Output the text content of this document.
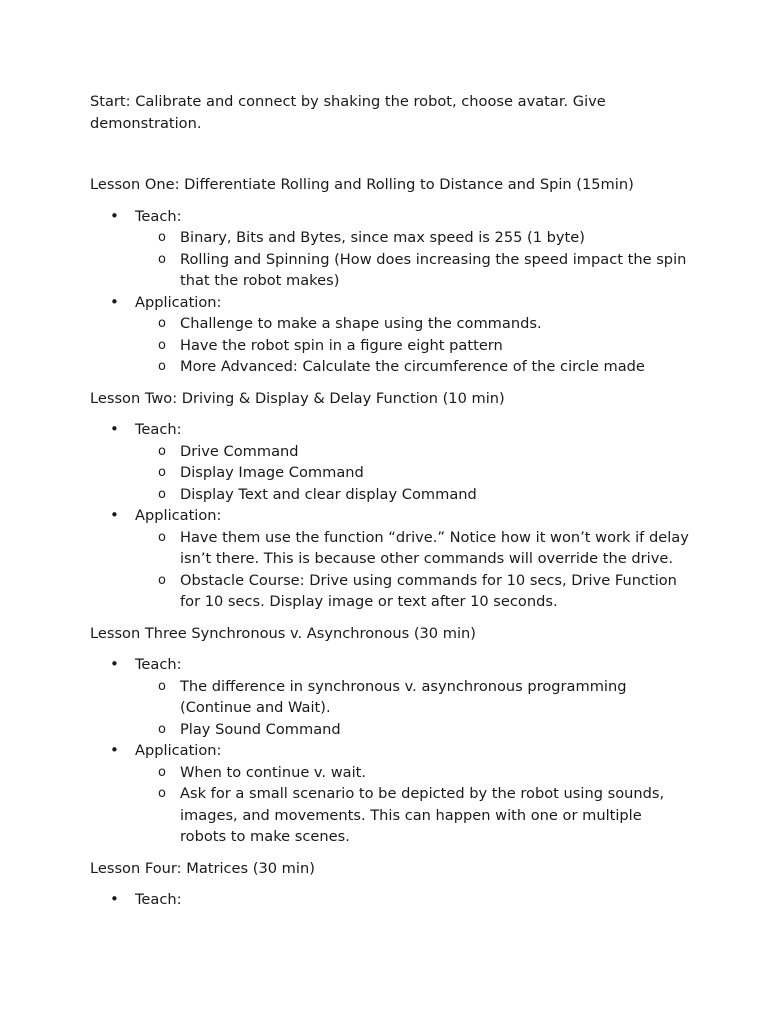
Start: Calibrate and connect by shaking the robot, choose avatar. Give demonstration.

Lesson One: Differentiate Rolling and Rolling to Distance and Spin (15min)

• Teach:
o Binary, Bits and Bytes, since max speed is 255 (1 byte)
o Rolling and Spinning (How does increasing the speed impact the spin that the robot makes)
• Application:
o Challenge to make a shape using the commands.
o Have the robot spin in a figure eight pattern
o More Advanced: Calculate the circumference of the circle made

Lesson Two: Driving & Display & Delay Function (10 min)

• Teach:
o Drive Command
o Display Image Command
o Display Text and clear display Command
• Application:
o Have them use the function “drive.” Notice how it won’t work if delay isn’t there. This is because other commands will override the drive.
o Obstacle Course: Drive using commands for 10 secs, Drive Function for 10 secs. Display image or text after 10 seconds.

Lesson Three Synchronous v. Asynchronous (30 min)

• Teach:
o The difference in synchronous v. asynchronous programming (Continue and Wait).
o Play Sound Command
• Application:
o When to continue v. wait.
o Ask for a small scenario to be depicted by the robot using sounds, images, and movements. This can happen with one or multiple robots to make scenes.

Lesson Four: Matrices (30 min)

• Teach:
